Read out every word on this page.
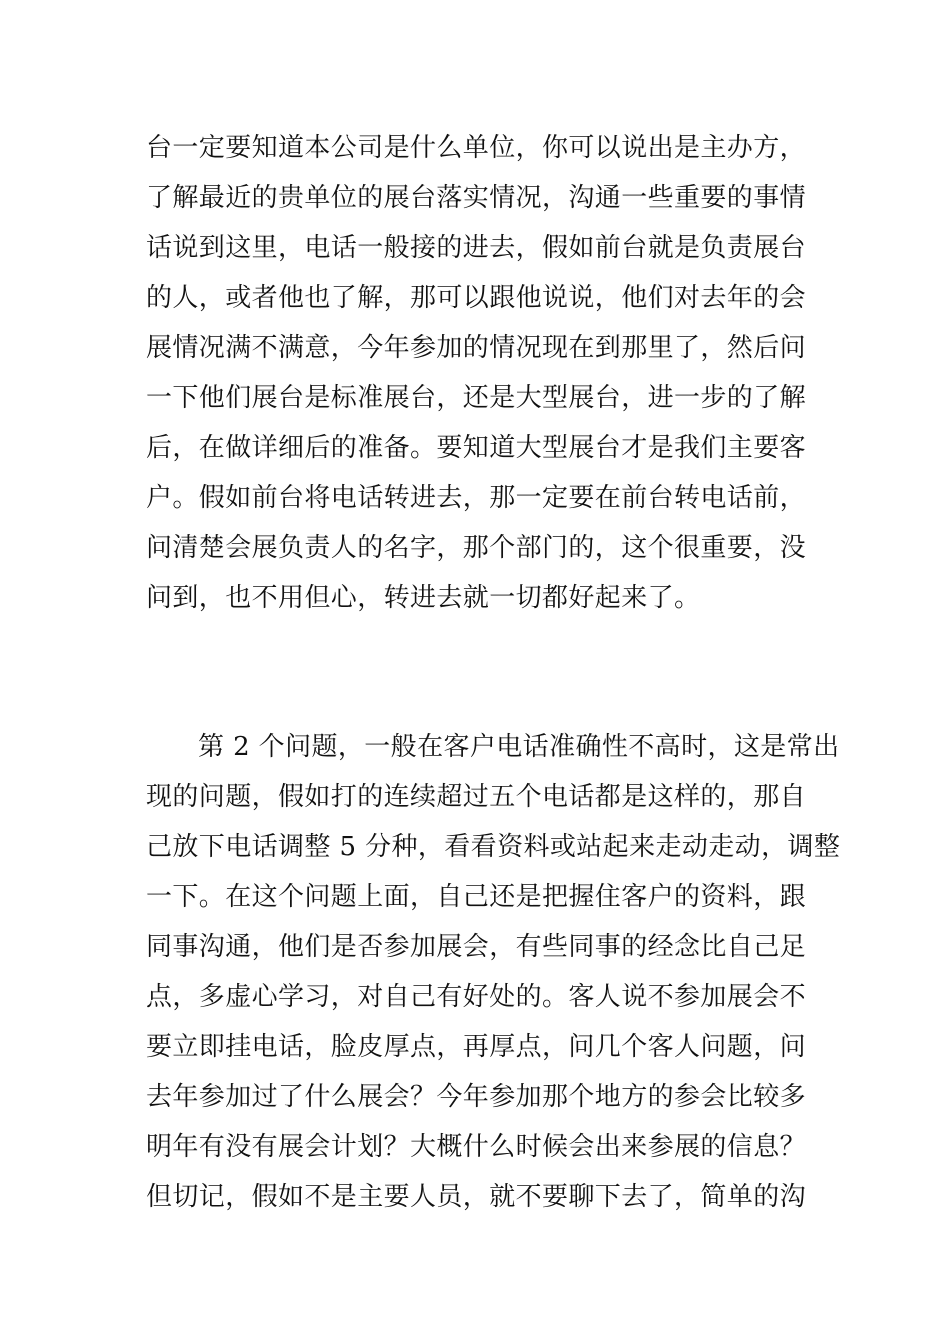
台一定要知道本公司是什么单位，你可以说出是主办方，
了解最近的贵单位的展台落实情况，沟通一些重要的事情
话说到这里，电话一般接的进去，假如前台就是负责展台
的人，或者他也了解，那可以跟他说说，他们对去年的会
展情况满不满意，今年参加的情况现在到那里了，然后问
一下他们展台是标准展台，还是大型展台，进一步的了解
后，在做详细后的准备。要知道大型展台才是我们主要客
户。假如前台将电话转进去，那一定要在前台转电话前，
问清楚会展负责人的名字，那个部门的，这个很重要，没
问到，也不用但心，转进去就一切都好起来了。
第 2 个问题，一般在客户电话准确性不高时，这是常出
现的问题，假如打的连续超过五个电话都是这样的，那自
己放下电话调整 5 分种，看看资料或站起来走动走动，调整
一下。在这个问题上面，自己还是把握住客户的资料，跟
同事沟通，他们是否参加展会，有些同事的经念比自己足
点，多虚心学习，对自己有好处的。客人说不参加展会不
要立即挂电话，脸皮厚点，再厚点，问几个客人问题，问
去年参加过了什么展会？今年参加那个地方的参会比较多
明年有没有展会计划？大概什么时候会出来参展的信息？
但切记，假如不是主要人员，就不要聊下去了，简单的沟
